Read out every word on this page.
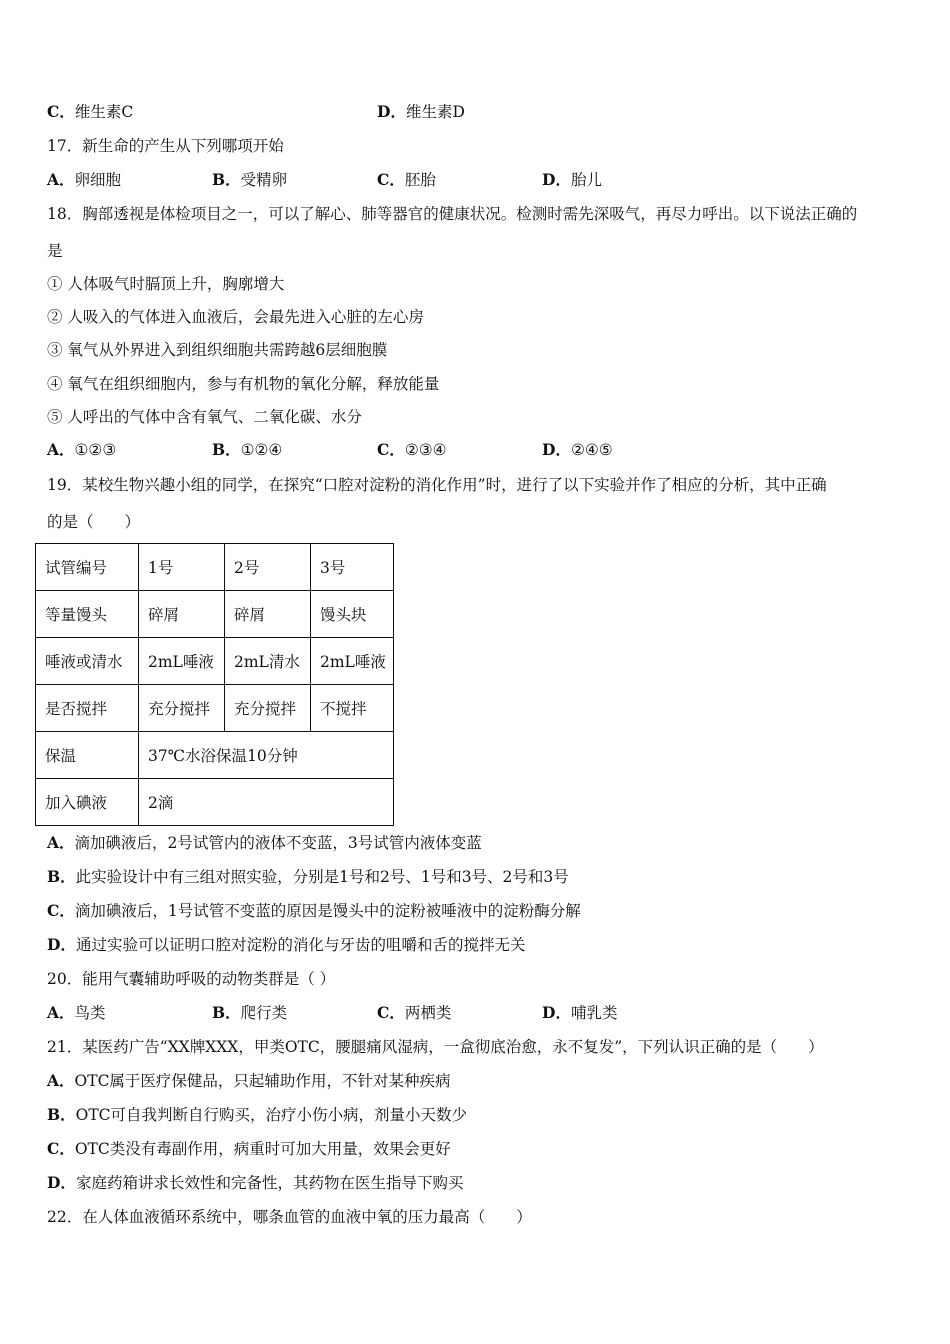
C．维生素C	D．维生素D
17．新生命的产生从下列哪项开始
A．卵细胞	B．受精卵	C．胚胎	D．胎儿
18．胸部透视是体检项目之一，可以了解心、肺等器官的健康状况。检测时需先深吸气，再尽力呼出。以下说法正确的
是
① 人体吸气时膈顶上升，胸廓增大
② 人吸入的气体进入血液后，会最先进入心脏的左心房
③ 氧气从外界进入到组织细胞共需跨越6层细胞膜
④ 氧气在组织细胞内，参与有机物的氧化分解，释放能量
⑤ 人呼出的气体中含有氧气、二氧化碳、水分
A．①②③	B．①②④	C．②③④	D．②④⑤
19．某校生物兴趣小组的同学，在探究“口腔对淀粉的消化作用”时，进行了以下实验并作了相应的分析，其中正确
的是（　　）
试管编号	1号	2号	3号
等量馒头	碎屑	碎屑	馒头块
唾液或清水	2mL唾液	2mL清水	2mL唾液
是否搅拌	充分搅拌	充分搅拌	不搅拌
保温	37℃水浴保温10分钟		
加入碘液	2滴		
A．滴加碘液后，2号试管内的液体不变蓝，3号试管内液体变蓝
B．此实验设计中有三组对照实验，分别是1号和2号、1号和3号、2号和3号
C．滴加碘液后，1号试管不变蓝的原因是馒头中的淀粉被唾液中的淀粉酶分解
D．通过实验可以证明口腔对淀粉的消化与牙齿的咀嚼和舌的搅拌无关
20．能用气囊辅助呼吸的动物类群是（ ）
A．鸟类	B．爬行类	C．两栖类	D．哺乳类
21．某医药广告“XX牌XXX，甲类OTC，腰腿痛风湿病，一盒彻底治愈，永不复发”，下列认识正确的是（　　）
A．OTC属于医疗保健品，只起辅助作用，不针对某种疾病
B．OTC可自我判断自行购买，治疗小伤小病，剂量小天数少
C．OTC类没有毒副作用，病重时可加大用量，效果会更好
D．家庭药箱讲求长效性和完备性，其药物在医生指导下购买
22．在人体血液循环系统中，哪条血管的血液中氧的压力最高（　　）
